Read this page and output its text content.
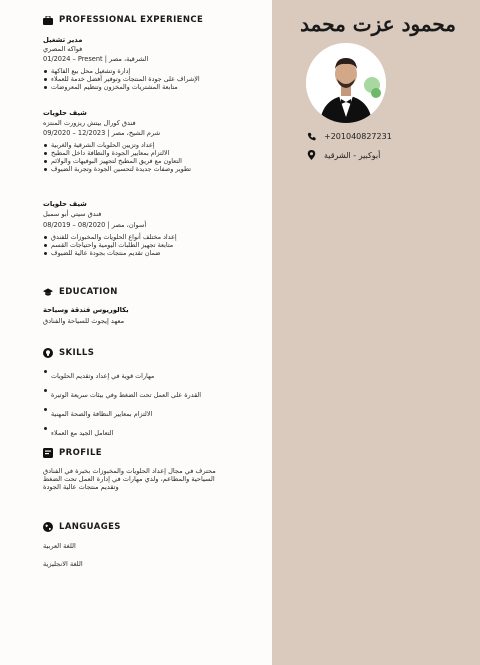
محمود عزت محمد
+201040827231
أبوكبير - الشرقية
PROFESSIONAL EXPERIENCE
مدير تشغيل
فواكه المصري
01/2024 – Present | الشرقية، مصر
إدارة وتشغيل محل بيع الفاكهة
الإشراف على جودة المنتجات وتوفير أفضل خدمة للعملاء
متابعة المشتريات والمخزون وتنظيم المعروضات
شيف حلويات
فندق كورال بيتش ريزورت المنتزه
09/2020 – 12/2023 | شرم الشيخ، مصر
إعداد وتزيين الحلويات الشرقية والغربية
الالتزام بمعايير الجودة والنظافة داخل المطبخ
التعاون مع فريق المطبخ لتجهيز البوفيهات والولائم
تطوير وصفات جديدة لتحسين الجودة وتجربة الضيوف
شيف حلويات
فندق سيتي أبو سمبل
08/2019 – 08/2020 | أسوان، مصر
إعداد مختلف أنواع الحلويات والمخبوزات للفندق
متابعة تجهيز الطلبات اليومية واحتياجات القسم
ضمان تقديم منتجات بجودة عالية للضيوف
EDUCATION
بكالوريوس فندقة وسياحة
معهد إيجوث للسياحة والفنادق
SKILLS
مهارات قوية في إعداد وتقديم الحلويات
القدرة على العمل تحت الضغط وفي بيئات سريعة الوتيرة
الالتزام بمعايير النظافة والصحة المهنية
التعامل الجيد مع العملاء
PROFILE
محترف في مجال إعداد الحلويات والمخبوزات بخبرة في الفنادق
السياحية والمطاعم، ولدي مهارات في إدارة العمل تحت الضغط
وتقديم منتجات عالية الجودة
LANGUAGES
اللغة العربية
اللغة الانجليزية
